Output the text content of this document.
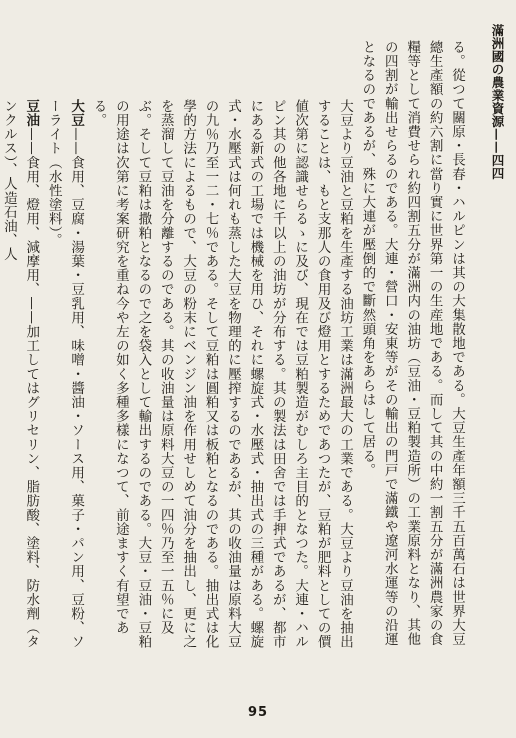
滿洲國の農業資源——四四

る。從つて關原・長春・ハルピンは其の大集散地である。大豆生產年額三千五百萬石は世界大豆總生產額の約六割に當り實に世界第一の生産地である。而して其の中約一割五分が滿洲農家の食糧等として消費せられ約四割五分が滿洲内の油坊（豆油・豆粕製造所）の工業原料となり、其他の四割が輸出せらるのである。大連・營口・安東等がその輸出の門戸で滿鐵や遼河水運等の沿運となるのであるが、殊に大連が壓倒的で斷然頭角をあらはして居る。

大豆より豆油と豆粕を生產する油坊工業は滿洲最大の工業である。大豆より豆油を抽出することは、もと支那人の食用及び燈用とするためであつたが、豆粕が肥料としての價値次第に認識せらるゝに及び、現在では豆粕製造がむしろ主目的となつた。大連・ハルピン其の他各地に千以上の油坊が分布する。其の製法は田舍では手押式であるが、都市にある新式の工場では機械を用ひ、それに螺旋式・水壓式・抽出式の三種がある。螺旋式・水壓式は何れも蒸した大豆を物理的に壓搾するのであるが、其の收油量は原料大豆の九％乃至一二・七％である。そして豆粕は圓粕又は板粕となるのである。抽出式は化學的方法によるもので、大豆の粉末にベンジン油を作用せしめて油分を抽出し、更に之を蒸溜して豆油を分離するのである。其の收油量は原料大豆の一四％乃至一五％に及ぶ。そして豆粕は撒粕となるので之を袋入として輸出するのである。大豆・豆油・豆粕の用途は次第に考案研究を重ね今や左の如く多種多樣になつて、前途ますく有望である。

大豆——食用、豆腐・湯葉・豆乳用、味噌・醬油・ソース用、菓子・パン用、豆粉、ソーライト（水性塗料）。

豆油——食用、燈用、減摩用、——加工してはグリセリン、脂肪酸、塗料、防水劑（タンクルス）、人造石油、人

95
